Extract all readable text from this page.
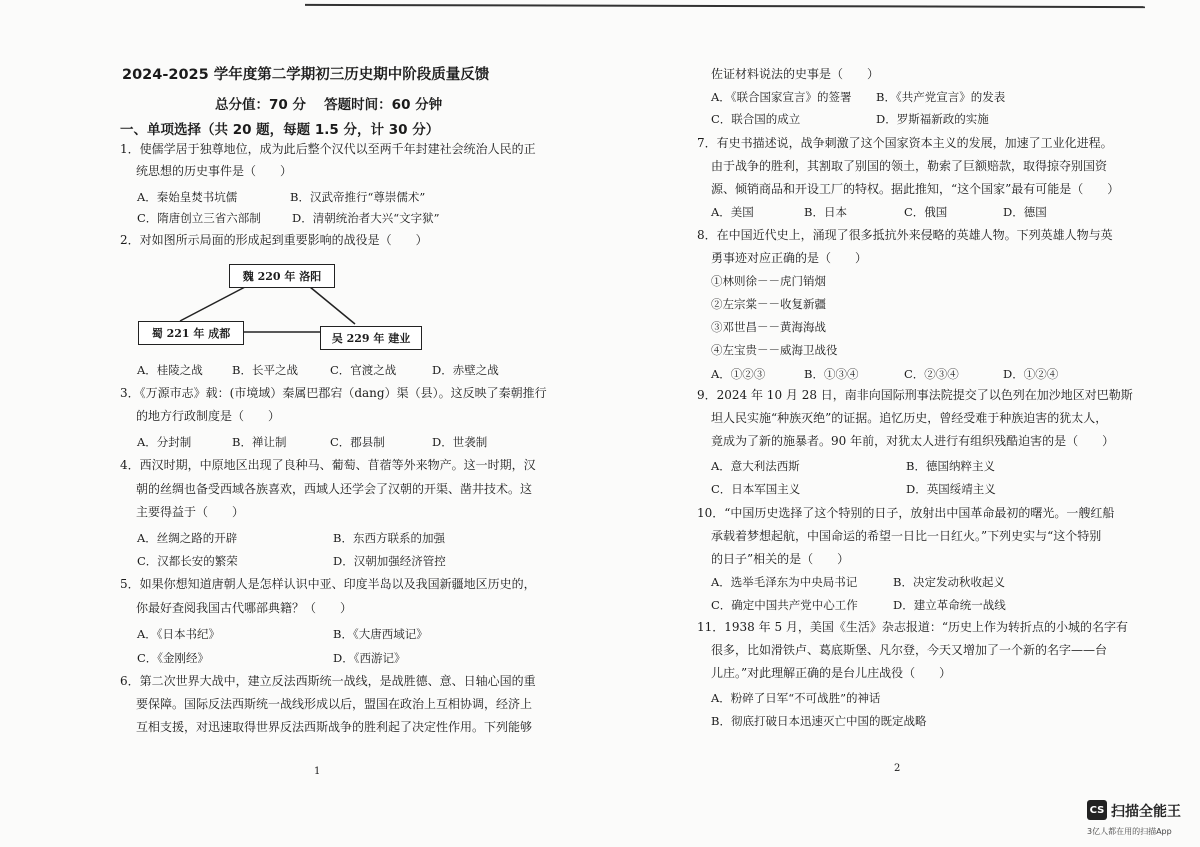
2024-2025 学年度第二学期初三历史期中阶段质量反馈
总分值：70 分　 答题时间：60 分钟
一、单项选择（共 20 题，每题 1.5 分，计 30 分）
1．使儒学居于独尊地位，成为此后整个汉代以至两千年封建社会统治人民的正
统思想的历史事件是（　　）
A．秦始皇焚书坑儒	B．汉武帝推行“尊崇儒术”
C．隋唐创立三省六部制	D．清朝统治者大兴“文字狱”
2．对如图所示局面的形成起到重要影响的战役是（　　）
魏 220 年 洛阳
蜀 221 年 成都	吴 229 年 建业
A．桂陵之战	B．长平之战	C．官渡之战	D．赤壁之战
3．《万源市志》载：(市境域）秦属巴郡宕（dang）渠（县）。这反映了秦朝推行
的地方行政制度是（　　）
A．分封制	B．禅让制	C．郡县制	D．世袭制
4．西汉时期，中原地区出现了良种马、葡萄、苜蓿等外来物产。这一时期，汉
朝的丝绸也备受西域各族喜欢，西域人还学会了汉朝的开渠、凿井技术。这
主要得益于（　　）
A．丝绸之路的开辟	B．东西方联系的加强
C．汉都长安的繁荣	D．汉朝加强经济管控
5．如果你想知道唐朝人是怎样认识中亚、印度半岛以及我国新疆地区历史的，
你最好查阅我国古代哪部典籍？（　　）
A．《日本书纪》	B．《大唐西域记》
C．《金刚经》	D．《西游记》
6．第二次世界大战中，建立反法西斯统一战线，是战胜德、意、日轴心国的重
要保障。国际反法西斯统一战线形成以后，盟国在政治上互相协调，经济上
互相支援，对迅速取得世界反法西斯战争的胜利起了决定性作用。下列能够
1
佐证材料说法的史事是（　　）
A．《联合国家宣言》的签署 B．《共产党宣言》的发表
C．联合国的成立	D．罗斯福新政的实施
7．有史书描述说，战争刺激了这个国家资本主义的发展，加速了工业化进程。
由于战争的胜利，其割取了别国的领土，勒索了巨额赔款，取得掠夺别国资
源、倾销商品和开设工厂的特权。据此推知，“这个国家”最有可能是（　　）
A．美国	B．日本	C．俄国	D．德国
8．在中国近代史上，涌现了很多抵抗外来侵略的英雄人物。下列英雄人物与英
勇事迹对应正确的是（　　）
①林则徐－－虎门销烟
②左宗棠－－收复新疆
③邓世昌－－黄海海战
④左宝贵－－威海卫战役
A．①②③	B．①③④	C．②③④	D．①②④
9．2024 年 10 月 28 日，南非向国际刑事法院提交了以色列在加沙地区对巴勒斯
坦人民实施“种族灭绝”的证据。追忆历史，曾经受难于种族迫害的犹太人，
竟成为了新的施暴者。90 年前，对犹太人进行有组织残酷迫害的是（　　）
A．意大利法西斯	B．德国纳粹主义
C．日本军国主义	D．英国绥靖主义
10．“中国历史选择了这个特别的日子，放射出中国革命最初的曙光。一艘红船
承载着梦想起航，中国命运的希望一日比一日红火。”下列史实与“这个特别
的日子”相关的是（　　）
A．选举毛泽东为中央局书记	B．决定发动秋收起义
C．确定中国共产党中心工作	D．建立革命统一战线
11．1938 年 5 月，美国《生活》杂志报道：“历史上作为转折点的小城的名字有
很多，比如滑铁卢、葛底斯堡、凡尔登，今天又增加了一个新的名字——台
儿庄。”对此理解正确的是台儿庄战役（　　）
A．粉碎了日军“不可战胜”的神话
B．彻底打破日本迅速灭亡中国的既定战略
2
CS 扫描全能王
3亿人都在用的扫描App
